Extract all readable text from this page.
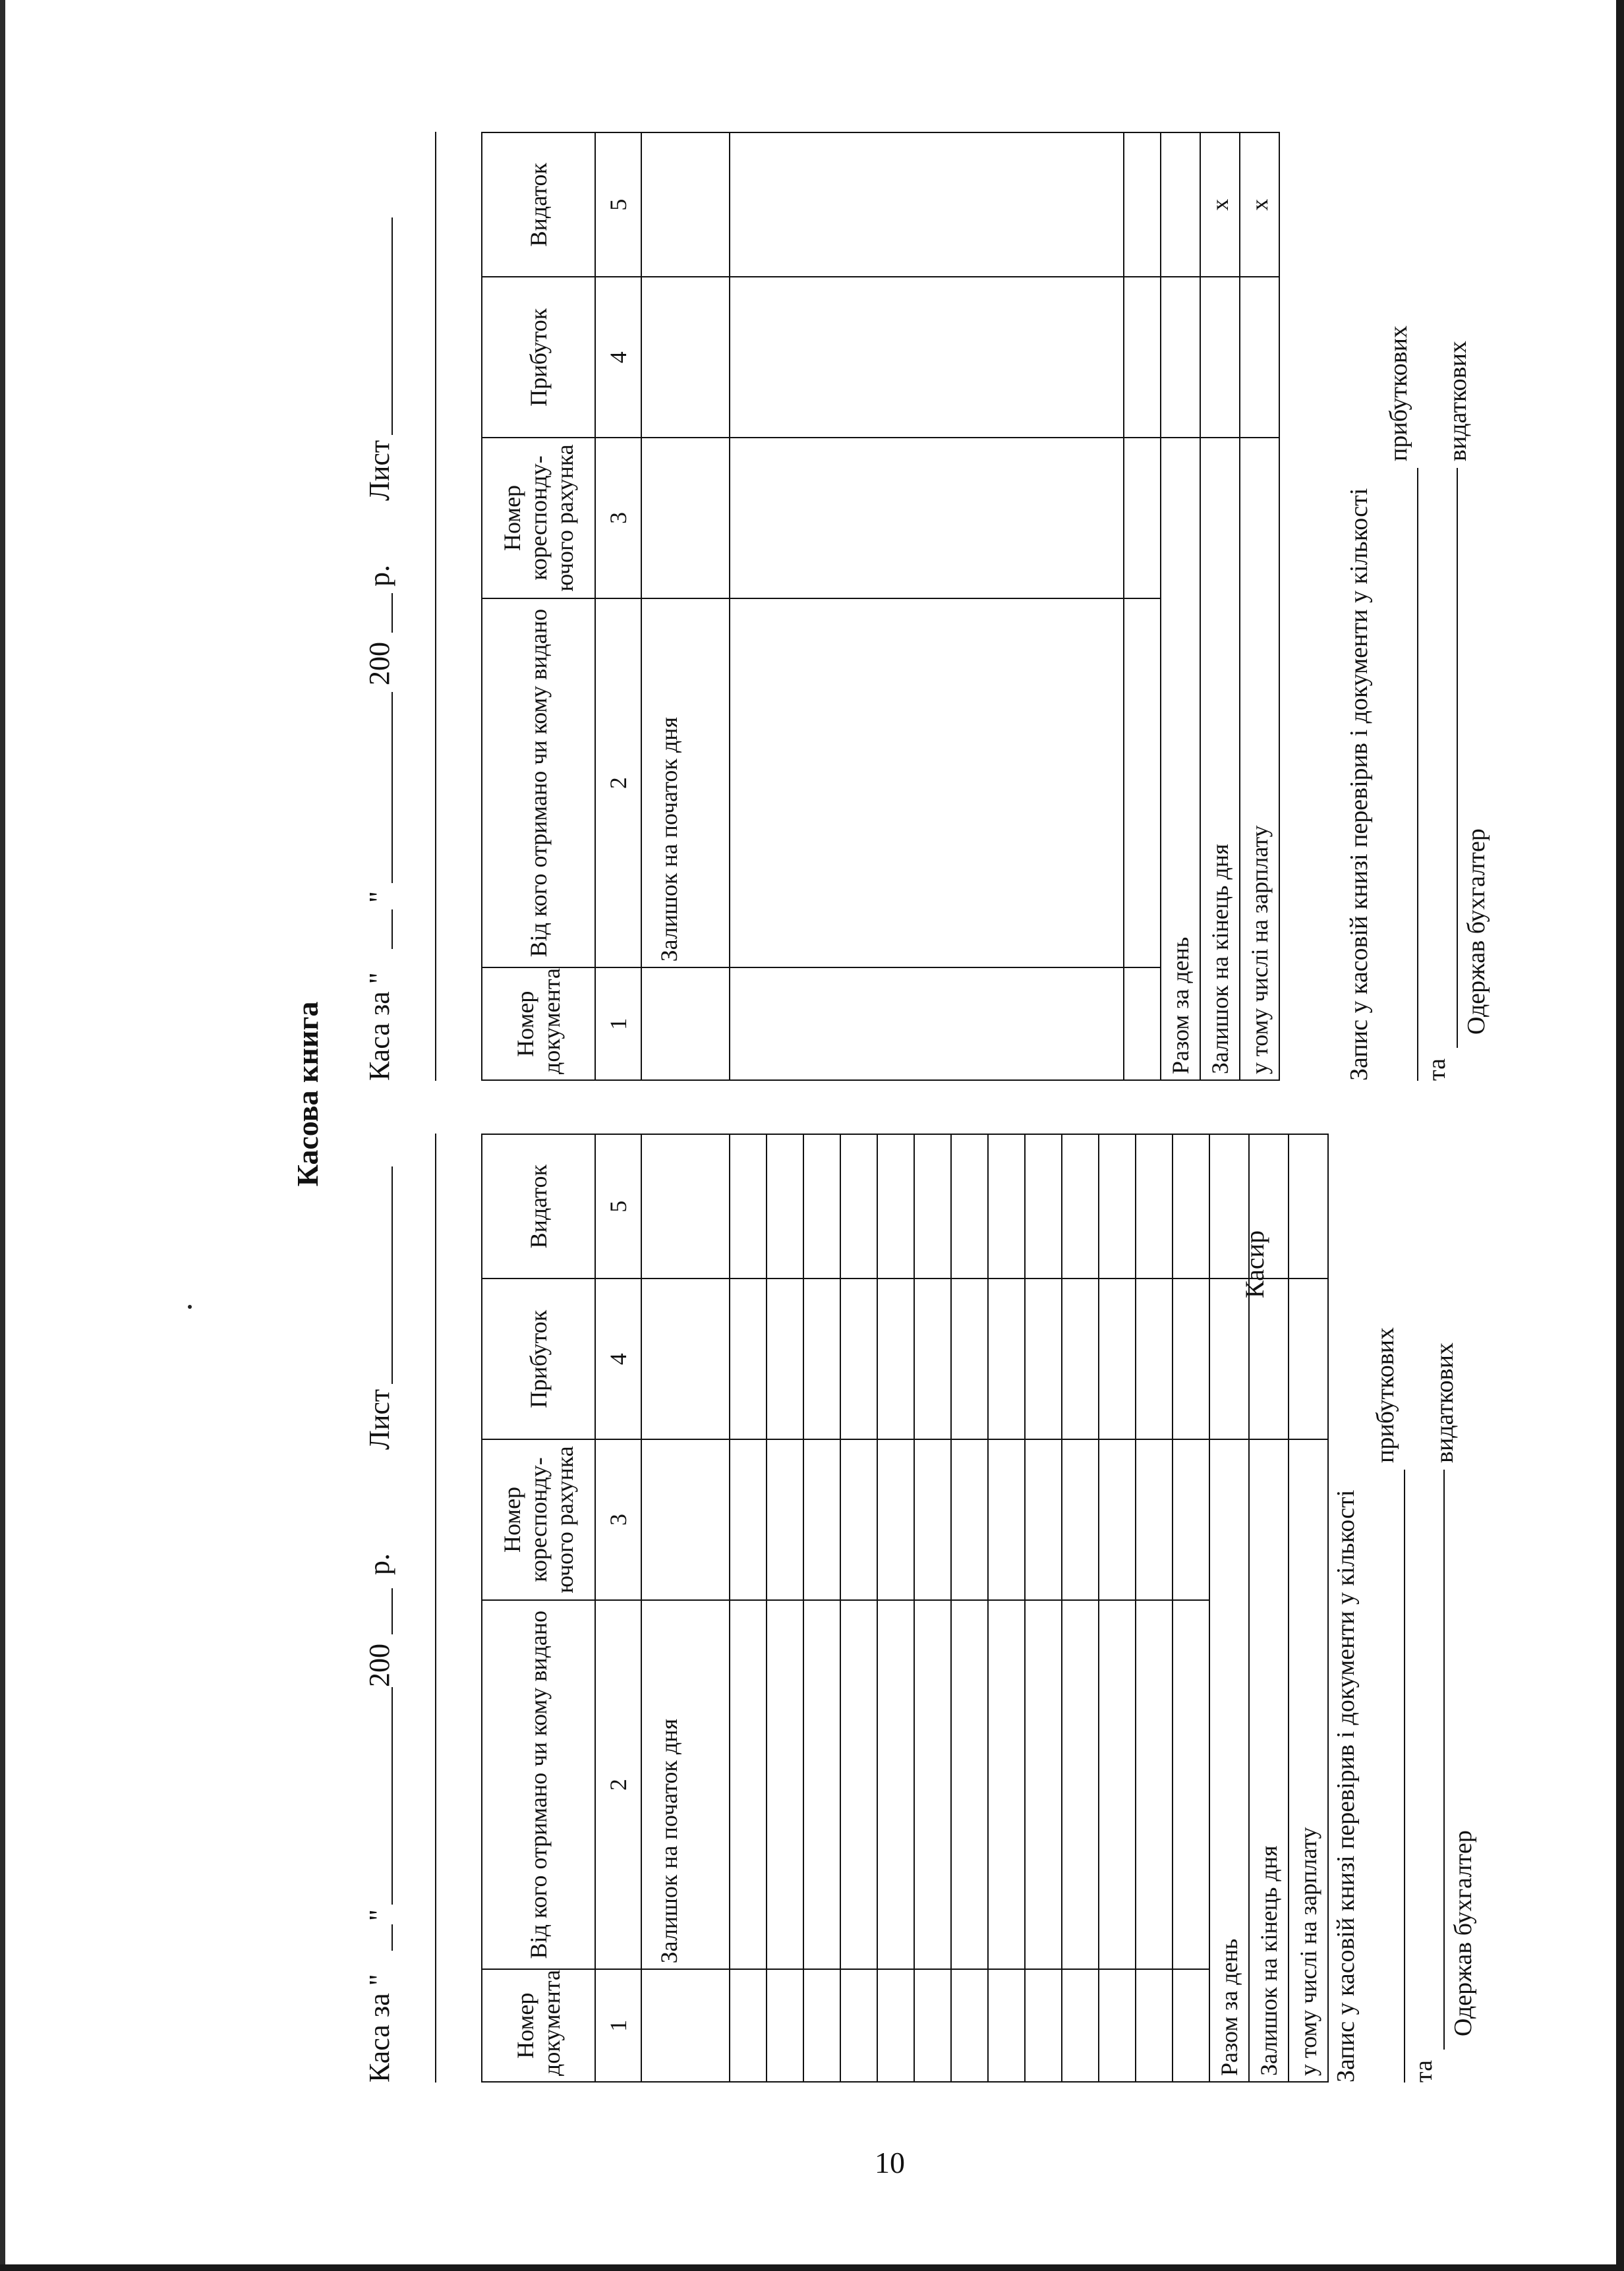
10
Касова книга
Каса за "
"
200
р.
Лист
Номер документа	Від кого отримано чи кому видано	Номер кореспонду-ючого рахунка	Прибуток	Видаток
1	2	3	4	5
	Залишок на початок дня			

Разом за день				
Залишок на кінець дня				
у тому числі на зарплату				
Касир
Запис у касовій книзі перевірив і документи у кількості
прибуткових
та
видаткових
Одержав бухгалтер
Каса за "
"
200
р.
Лист
Номер документа	Від кого отримано чи кому видано	Номер кореспонду-ючого рахунка	Прибуток	Видаток
1	2	3	4	5
	Залишок на початок дня			

Разом за день				
Залишок на кінець дня				х
у тому числі на зарплату				х
Запис у касовій книзі перевірив і документи у кількості
прибуткових
та
видаткових
Одержав бухгалтер
